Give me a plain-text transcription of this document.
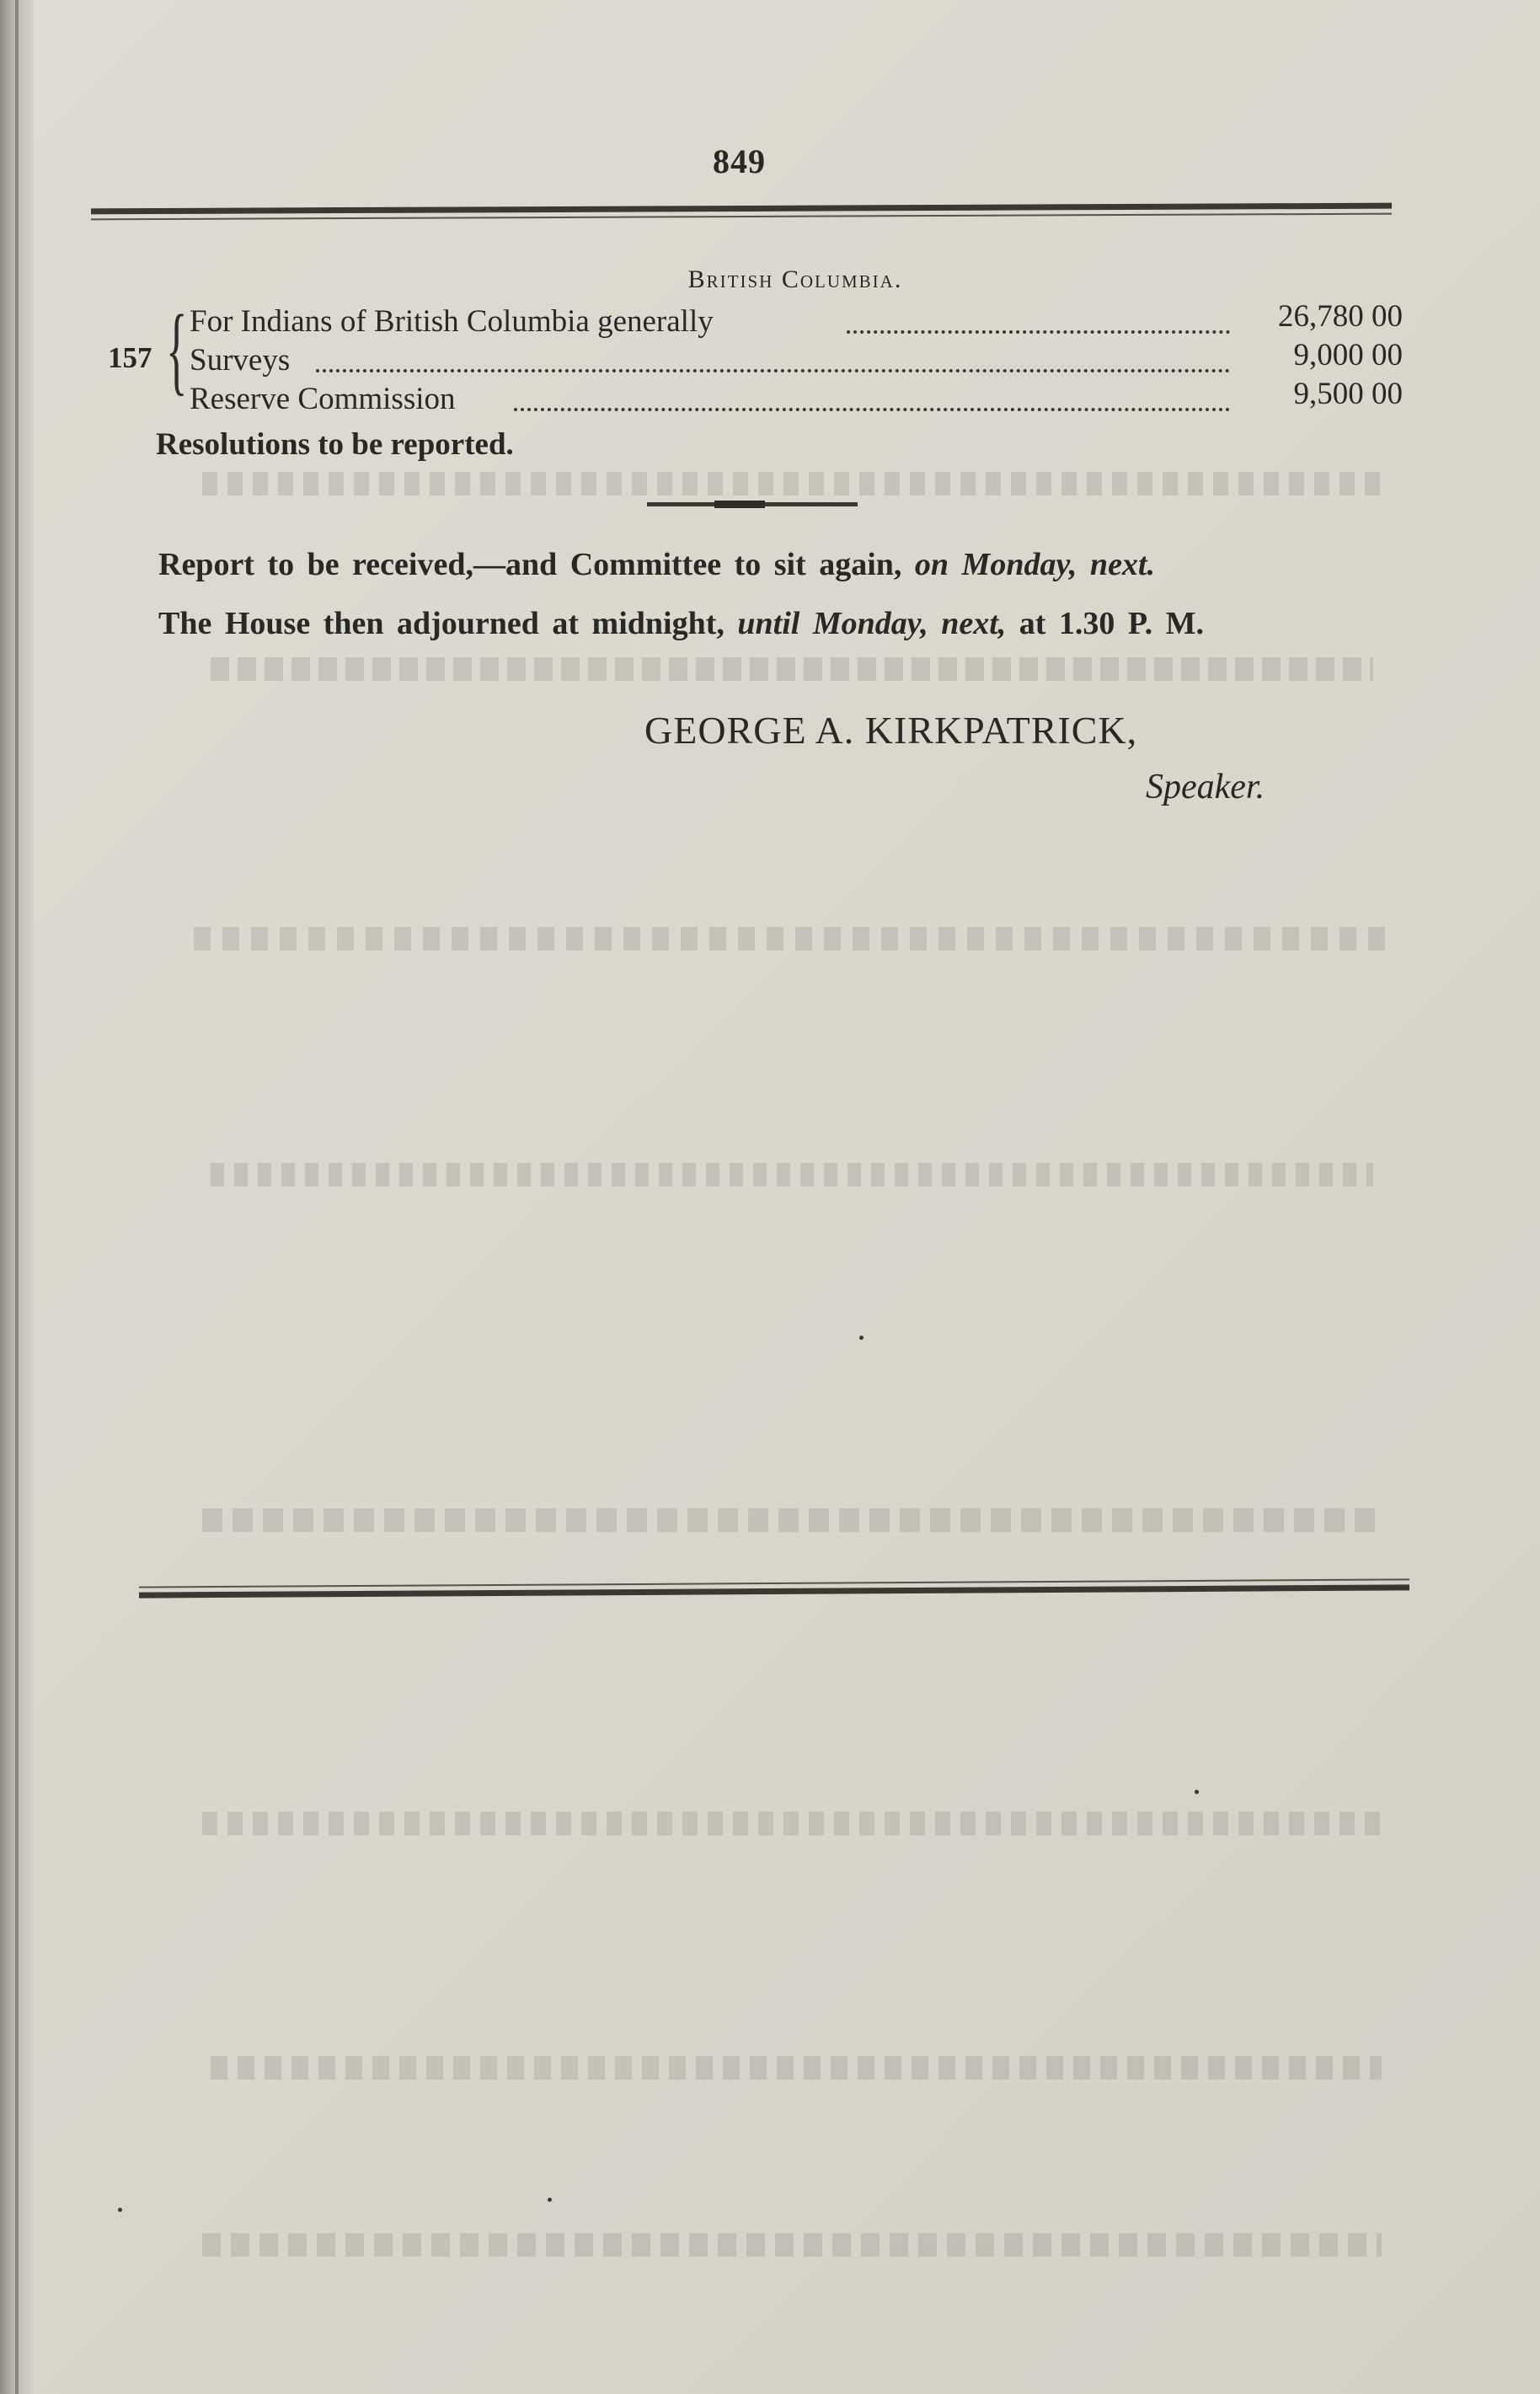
849
British Columbia.
157 { For Indians of British Columbia generally	26,780 00
Surveys	9,000 00
Reserve Commission	9,500 00
Resolutions to be reported.
Report to be received,—and Committee to sit again, on Monday, next.
The House then adjourned at midnight, until Monday, next, at 1.30 P. M.
GEORGE A. KIRKPATRICK,
Speaker.
